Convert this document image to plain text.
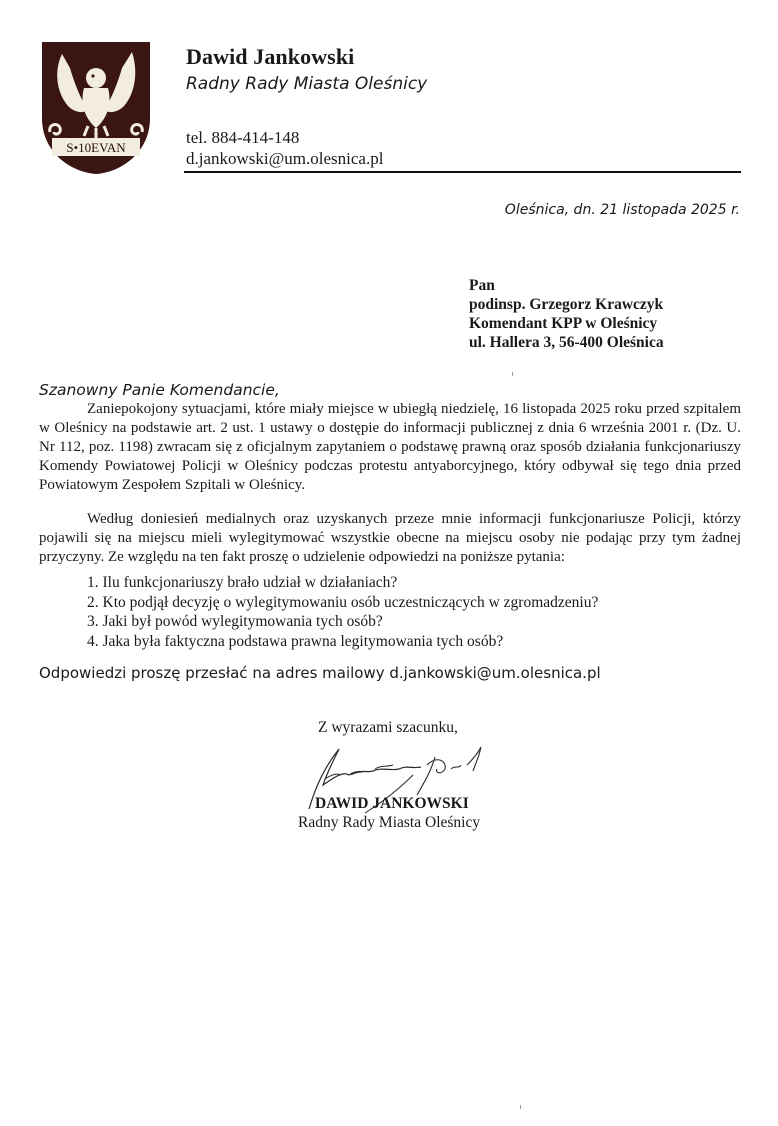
S•10EVAN
Dawid Jankowski
Radny Rady Miasta Oleśnicy
tel. 884-414-148
d.jankowski@um.olesnica.pl
Oleśnica, dn. 21 listopada 2025 r.
Pan
podinsp. Grzegorz Krawczyk
Komendant KPP w Oleśnicy
ul. Hallera 3, 56-400 Oleśnica
Szanowny Panie Komendancie,
Zaniepokojony sytuacjami, które miały miejsce w ubiegłą niedzielę, 16 listopada 2025 roku przed szpitalem w Oleśnicy na podstawie art. 2 ust. 1 ustawy o dostępie do informacji publicznej z dnia 6 września 2001 r. (Dz. U. Nr 112, poz. 1198) zwracam się z oficjalnym zapytaniem o podstawę prawną oraz sposób działania funkcjonariuszy Komendy Powiatowej Policji w Oleśnicy podczas protestu antyaborcyjnego, który odbywał się tego dnia przed Powiatowym Zespołem Szpitali w Oleśnicy.
Według doniesień medialnych oraz uzyskanych przeze mnie informacji funkcjonariusze Policji, którzy pojawili się na miejscu mieli wylegitymować wszystkie obecne na miejscu osoby nie podając przy tym żadnej przyczyny. Ze względu na ten fakt proszę o udzielenie odpowiedzi na poniższe pytania:
1. Ilu funkcjonariuszy brało udział w działaniach?
2. Kto podjął decyzję o wylegitymowaniu osób uczestniczących w zgromadzeniu?
3. Jaki był powód wylegitymowania tych osób?
4. Jaka była faktyczna podstawa prawna legitymowania tych osób?
Odpowiedzi proszę przesłać na adres mailowy d.jankowski@um.olesnica.pl
Z wyrazami szacunku,
DAWID JANKOWSKI
Radny Rady Miasta Oleśnicy
